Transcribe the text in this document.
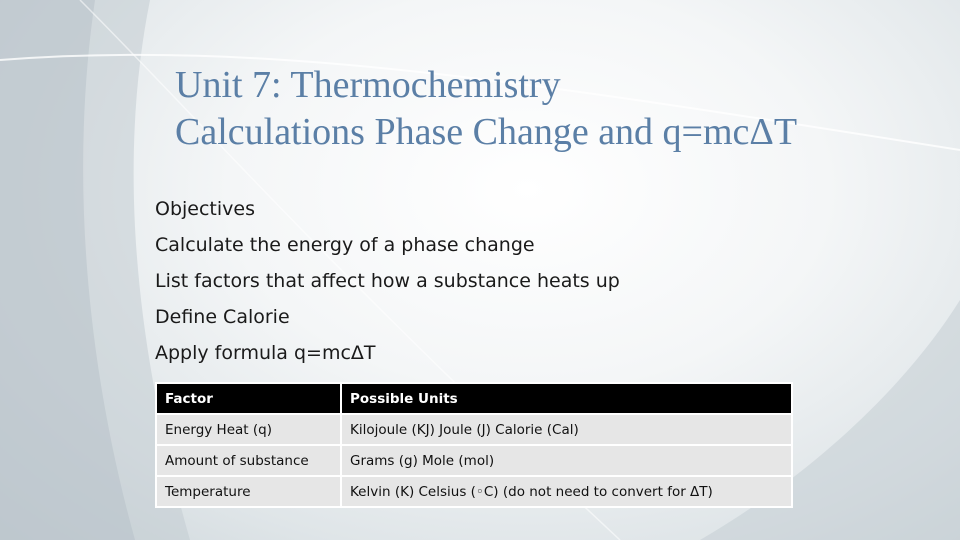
Unit 7: Thermochemistry
Calculations Phase Change and q=mcΔT
Objectives
Calculate the energy of a phase change
List factors that affect how a substance heats up
Define Calorie
Apply formula q=mcΔT
Factor	Possible Units
Energy Heat (q)	Kilojoule (KJ) Joule (J) Calorie (Cal)
Amount of substance	Grams (g) Mole (mol)
Temperature	Kelvin (K) Celsius (◦C) (do not need to convert for ΔT)
